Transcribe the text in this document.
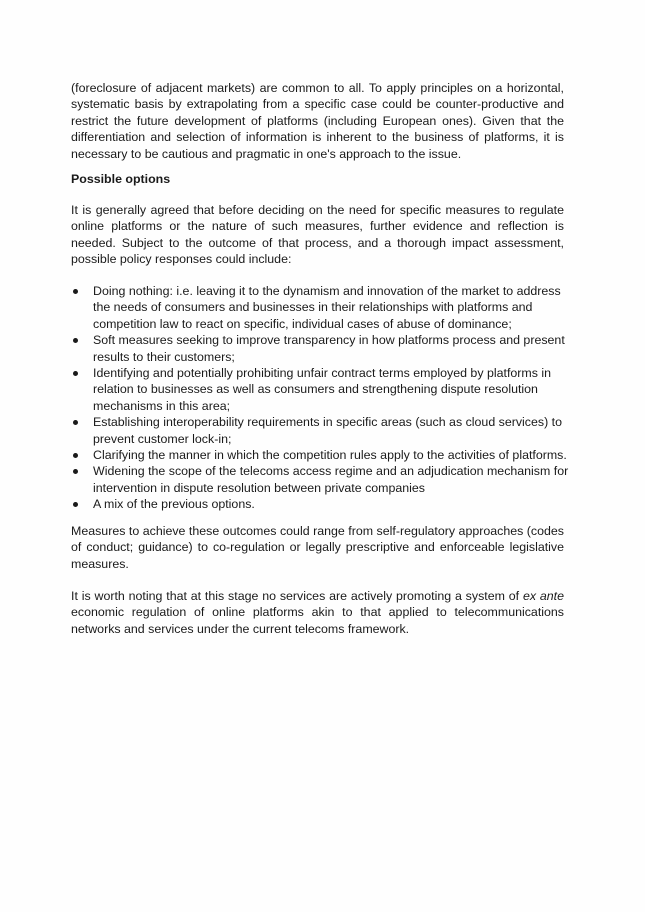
(foreclosure of adjacent markets) are common to all. To apply principles on a horizontal, systematic basis by extrapolating from a specific case could be counter-productive and restrict the future development of platforms (including European ones). Given that the differentiation and selection of information is inherent to the business of platforms, it is necessary to be cautious and pragmatic in one's approach to the issue.

Possible options

It is generally agreed that before deciding on the need for specific measures to regulate online platforms or the nature of such measures, further evidence and reflection is needed. Subject to the outcome of that process, and a thorough impact assessment, possible policy responses could include:

Doing nothing: i.e. leaving it to the dynamism and innovation of the market to address the needs of consumers and businesses in their relationships with platforms and competition law to react on specific, individual cases of abuse of dominance;
Soft measures seeking to improve transparency in how platforms process and present results to their customers;
Identifying and potentially prohibiting unfair contract terms employed by platforms in relation to businesses as well as consumers and strengthening dispute resolution mechanisms in this area;
Establishing interoperability requirements in specific areas (such as cloud services) to prevent customer lock-in;
Clarifying the manner in which the competition rules apply to the activities of platforms.
Widening the scope of the telecoms access regime and an adjudication mechanism for intervention in dispute resolution between private companies
A mix of the previous options.

Measures to achieve these outcomes could range from self-regulatory approaches (codes of conduct; guidance) to co-regulation or legally prescriptive and enforceable legislative measures.

It is worth noting that at this stage no services are actively promoting a system of ex ante economic regulation of online platforms akin to that applied to telecommunications networks and services under the current telecoms framework.
